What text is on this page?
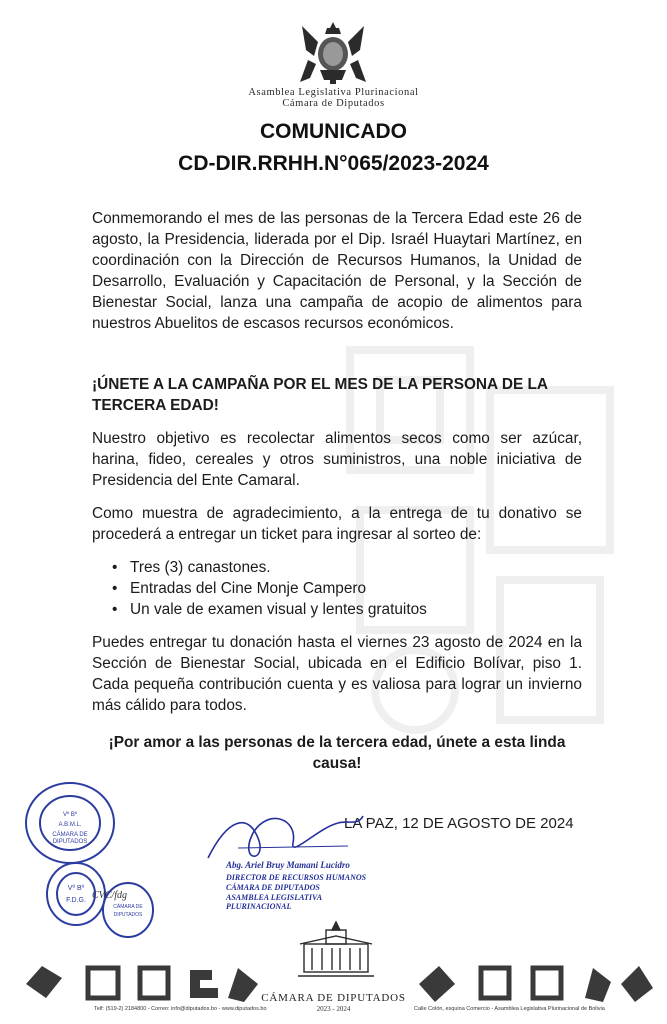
Asamblea Legislativa Plurinacional
Cámara de Diputados
COMUNICADO
CD-DIR.RRHH.N°065/2023-2024
Conmemorando el mes de las personas de la Tercera Edad este 26 de agosto, la Presidencia, liderada por el Dip. Israél Huaytari Martínez, en coordinación con la Dirección de Recursos Humanos, la Unidad de Desarrollo, Evaluación y Capacitación de Personal, y la Sección de Bienestar Social, lanza una campaña de acopio de alimentos para nuestros Abuelitos de escasos recursos económicos.
¡ÚNETE A LA CAMPAÑA POR EL MES DE LA PERSONA DE LA TERCERA EDAD!
Nuestro objetivo es recolectar alimentos secos como ser azúcar, harina, fideo, cereales y otros suministros, una noble iniciativa de Presidencia del Ente Camaral.
Como muestra de agradecimiento, a la entrega de tu donativo se procederá a entregar un ticket para ingresar al sorteo de:
• Tres (3) canastones.
• Entradas del Cine Monje Campero
• Un vale de examen visual y lentes gratuitos
Puedes entregar tu donación hasta el viernes 23 agosto de 2024 en la Sección de Bienestar Social, ubicada en el Edificio Bolívar, piso 1. Cada pequeña contribución cuenta y es valiosa para lograr un invierno más cálido para todos.
¡Por amor a las personas de la tercera edad, únete a esta linda causa!
LA PAZ, 12 DE AGOSTO DE 2024
Abg. Ariel Bruy Mamani Lucidro
DIRECTOR DE RECURSOS HUMANOS
CÁMARA DE DIPUTADOS
ASAMBLEA LEGISLATIVA PLURINACIONAL
Vº Bº
A.B.M.L.
CÁMARA DE
DIPUTADOS
Vº Bº
F.D.G.
CÁMARA DE
DIPUTADOS
CVC/fdg
CÁMARA DE DIPUTADOS
2023 - 2024
Telf: (519-2) 2184800 - Correo: info@diputados.bo - www.diputados.bo	Calle Colón, esquina Comercio - Asamblea Legislativa Plurinacional de Bolivia
